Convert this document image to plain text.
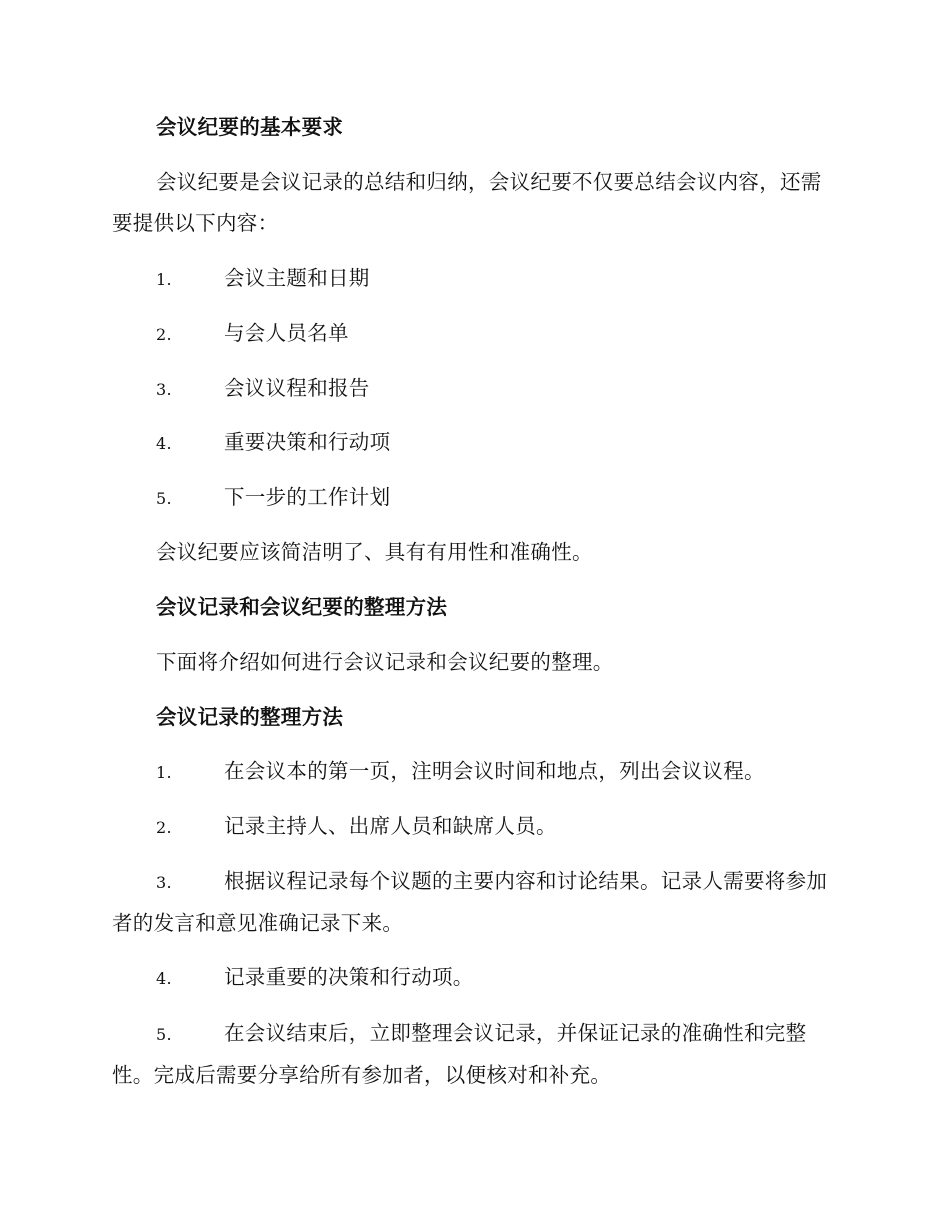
会议纪要的基本要求
会议纪要是会议记录的总结和归纳，会议纪要不仅要总结会议内容，还需要提供以下内容：
1.	会议主题和日期
2.	与会人员名单
3.	会议议程和报告
4.	重要决策和行动项
5.	下一步的工作计划
会议纪要应该简洁明了、具有有用性和准确性。
会议记录和会议纪要的整理方法
下面将介绍如何进行会议记录和会议纪要的整理。
会议记录的整理方法
1.	在会议本的第一页，注明会议时间和地点，列出会议议程。
2.	记录主持人、出席人员和缺席人员。
3.	根据议程记录每个议题的主要内容和讨论结果。记录人需要将参加者的发言和意见准确记录下来。
4.	记录重要的决策和行动项。
5.	在会议结束后，立即整理会议记录，并保证记录的准确性和完整性。完成后需要分享给所有参加者，以便核对和补充。
